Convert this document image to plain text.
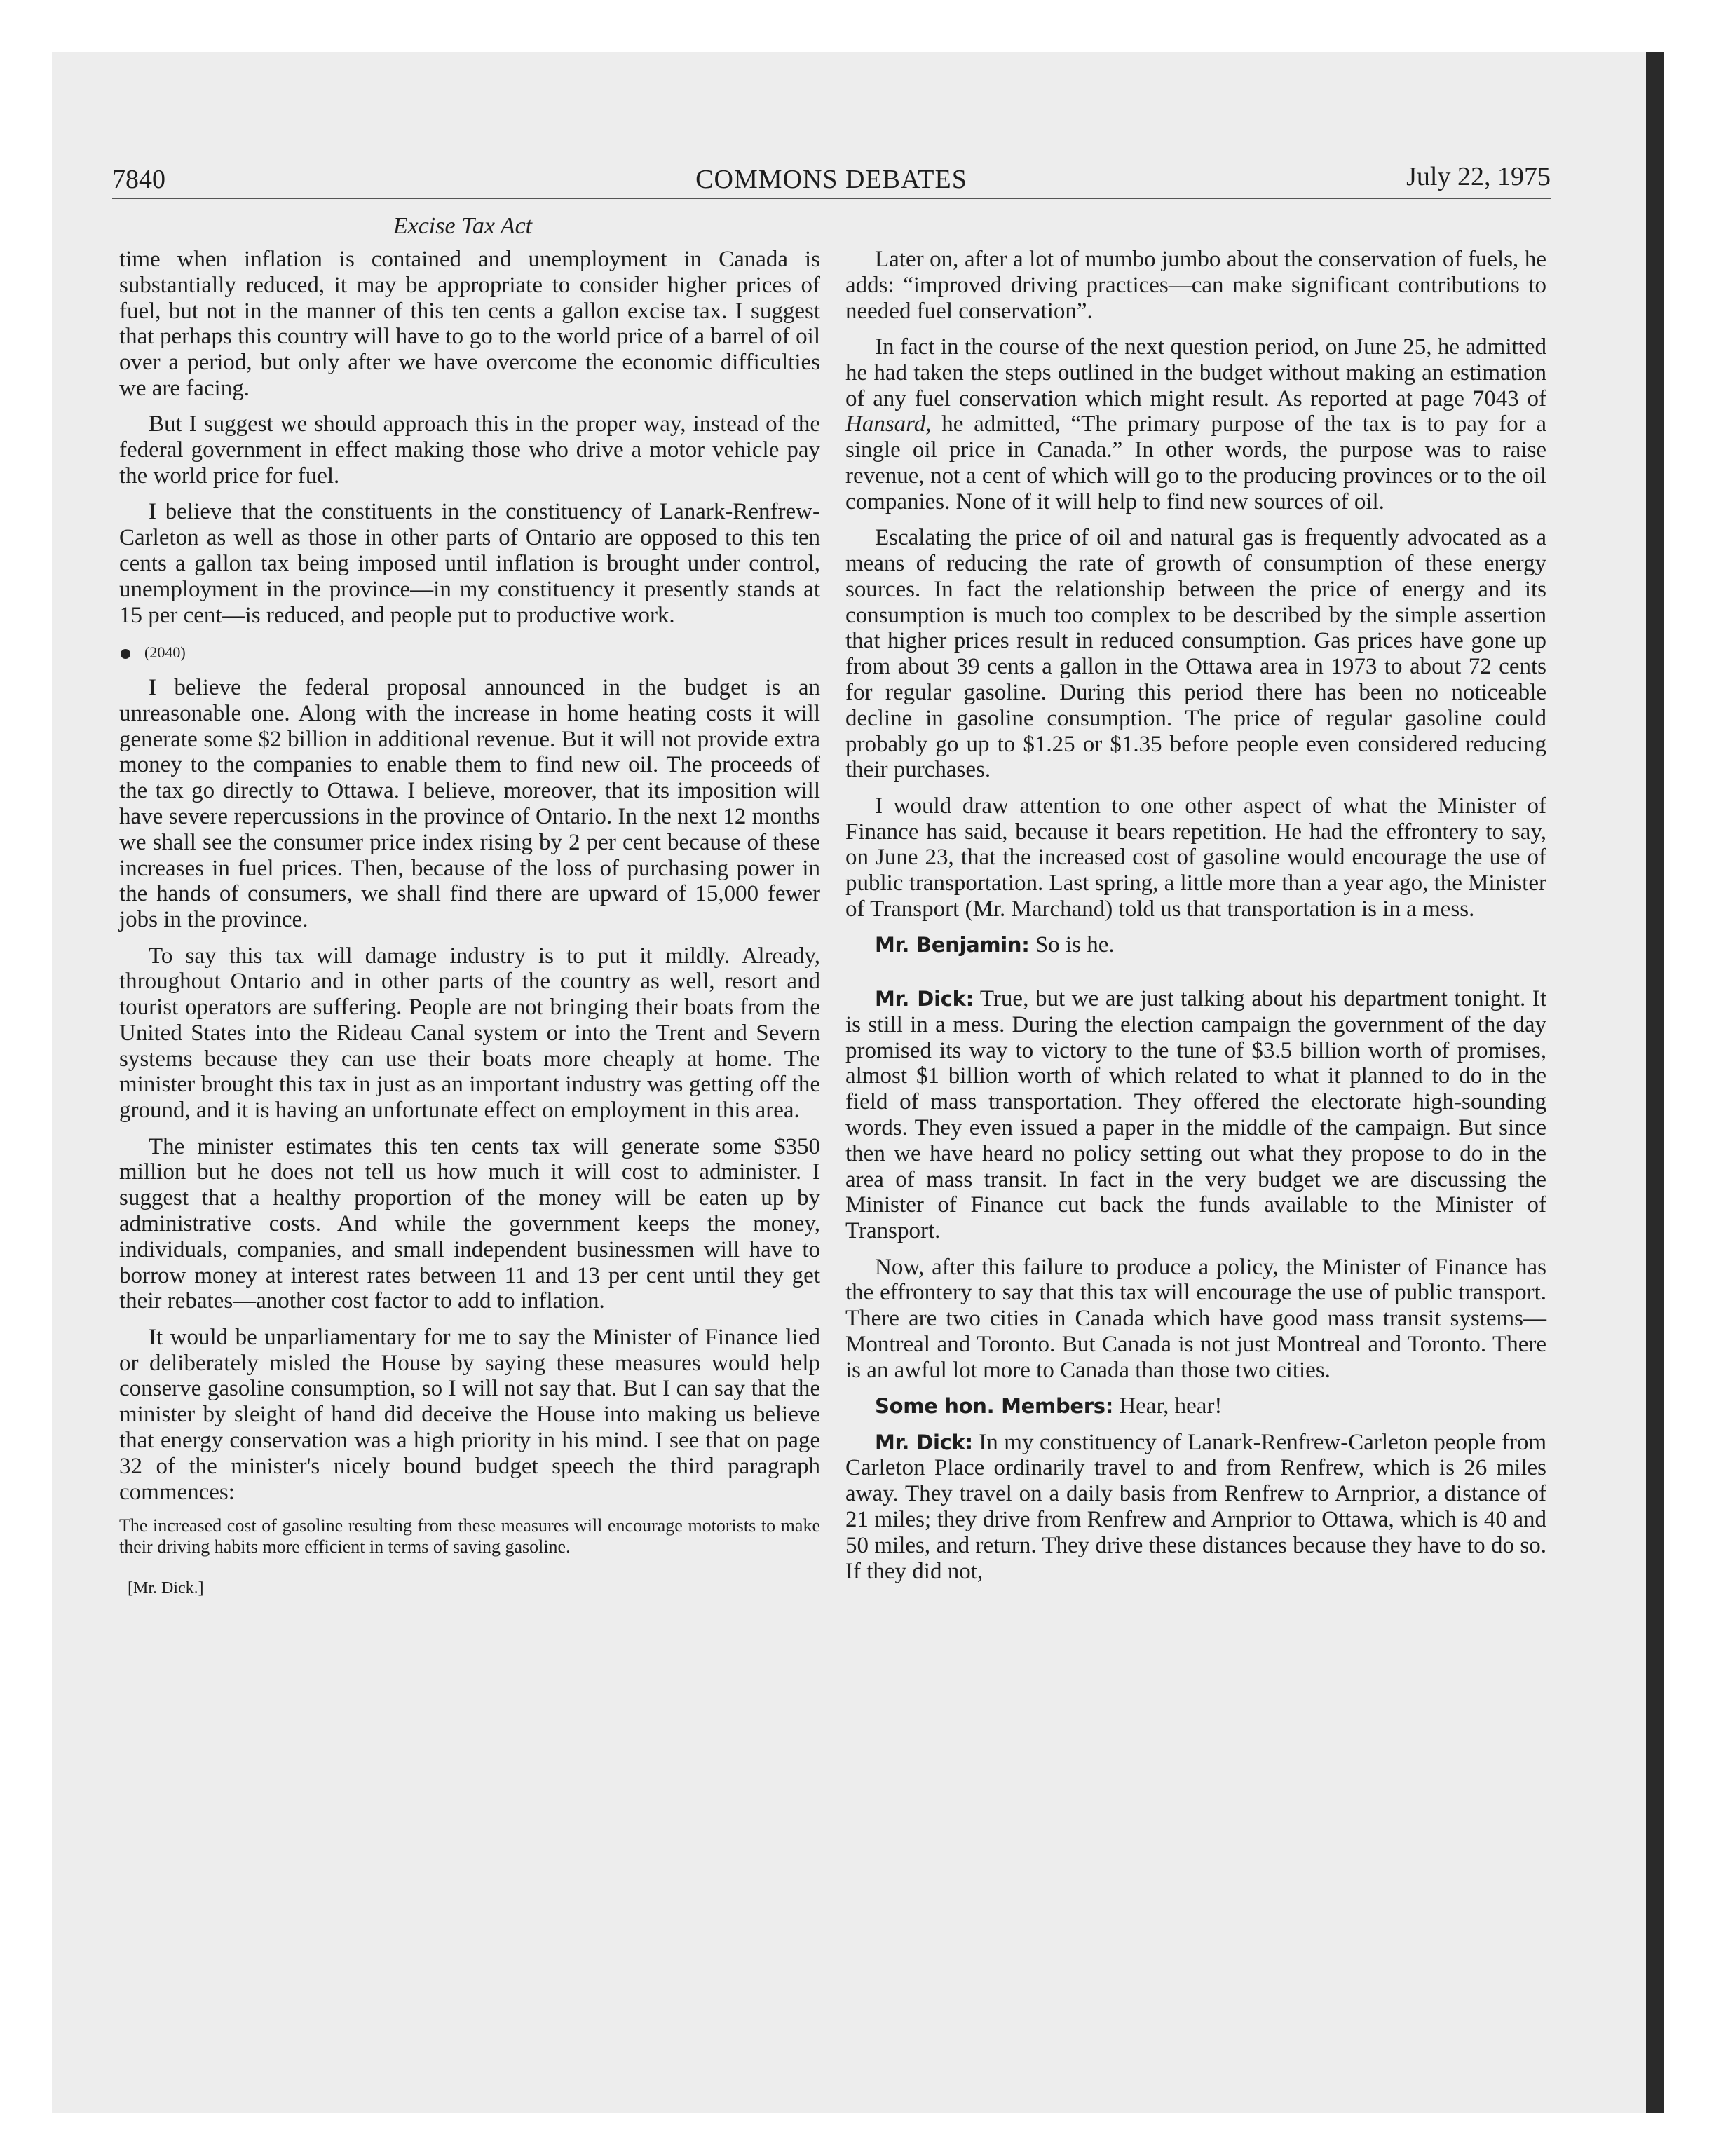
7840	COMMONS DEBATES	July 22, 1975
Excise Tax Act

time when inflation is contained and unemployment in Canada is substantially reduced, it may be appropriate to consider higher prices of fuel, but not in the manner of this ten cents a gallon excise tax. I suggest that perhaps this country will have to go to the world price of a barrel of oil over a period, but only after we have overcome the economic difficulties we are facing.

But I suggest we should approach this in the proper way, instead of the federal government in effect making those who drive a motor vehicle pay the world price for fuel.

I believe that the constituents in the constituency of Lanark-Renfrew-Carleton as well as those in other parts of Ontario are opposed to this ten cents a gallon tax being imposed until inflation is brought under control, unemployment in the province—in my constituency it presently stands at 15 per cent—is reduced, and people put to productive work.

(2040)

I believe the federal proposal announced in the budget is an unreasonable one. Along with the increase in home heating costs it will generate some $2 billion in additional revenue. But it will not provide extra money to the companies to enable them to find new oil. The proceeds of the tax go directly to Ottawa. I believe, moreover, that its imposition will have severe repercussions in the province of Ontario. In the next 12 months we shall see the consumer price index rising by 2 per cent because of these increases in fuel prices. Then, because of the loss of purchasing power in the hands of consumers, we shall find there are upward of 15,000 fewer jobs in the province.

To say this tax will damage industry is to put it mildly. Already, throughout Ontario and in other parts of the country as well, resort and tourist operators are suffering. People are not bringing their boats from the United States into the Rideau Canal system or into the Trent and Severn systems because they can use their boats more cheaply at home. The minister brought this tax in just as an important industry was getting off the ground, and it is having an unfortunate effect on employment in this area.

The minister estimates this ten cents tax will generate some $350 million but he does not tell us how much it will cost to administer. I suggest that a healthy proportion of the money will be eaten up by administrative costs. And while the government keeps the money, individuals, companies, and small independent businessmen will have to borrow money at interest rates between 11 and 13 per cent until they get their rebates—another cost factor to add to inflation.

It would be unparliamentary for me to say the Minister of Finance lied or deliberately misled the House by saying these measures would help conserve gasoline consumption, so I will not say that. But I can say that the minister by sleight of hand did deceive the House into making us believe that energy conservation was a high priority in his mind. I see that on page 32 of the minister's nicely bound budget speech the third paragraph commences:

The increased cost of gasoline resulting from these measures will encourage motorists to make their driving habits more efficient in terms of saving gasoline.
[Mr. Dick.]

Later on, after a lot of mumbo jumbo about the conservation of fuels, he adds: “improved driving practices—can make significant contributions to needed fuel conservation”.

In fact in the course of the next question period, on June 25, he admitted he had taken the steps outlined in the budget without making an estimation of any fuel conservation which might result. As reported at page 7043 of Hansard, he admitted, “The primary purpose of the tax is to pay for a single oil price in Canada.” In other words, the purpose was to raise revenue, not a cent of which will go to the producing provinces or to the oil companies. None of it will help to find new sources of oil.

Escalating the price of oil and natural gas is frequently advocated as a means of reducing the rate of growth of consumption of these energy sources. In fact the relationship between the price of energy and its consumption is much too complex to be described by the simple assertion that higher prices result in reduced consumption. Gas prices have gone up from about 39 cents a gallon in the Ottawa area in 1973 to about 72 cents for regular gasoline. During this period there has been no noticeable decline in gasoline consumption. The price of regular gasoline could probably go up to $1.25 or $1.35 before people even considered reducing their purchases.

I would draw attention to one other aspect of what the Minister of Finance has said, because it bears repetition. He had the effrontery to say, on June 23, that the increased cost of gasoline would encourage the use of public transportation. Last spring, a little more than a year ago, the Minister of Transport (Mr. Marchand) told us that transportation is in a mess.

Mr. Benjamin: So is he.

Mr. Dick: True, but we are just talking about his department tonight. It is still in a mess. During the election campaign the government of the day promised its way to victory to the tune of $3.5 billion worth of promises, almost $1 billion worth of which related to what it planned to do in the field of mass transportation. They offered the electorate high-sounding words. They even issued a paper in the middle of the campaign. But since then we have heard no policy setting out what they propose to do in the area of mass transit. In fact in the very budget we are discussing the Minister of Finance cut back the funds available to the Minister of Transport.

Now, after this failure to produce a policy, the Minister of Finance has the effrontery to say that this tax will encourage the use of public transport. There are two cities in Canada which have good mass transit systems—Montreal and Toronto. But Canada is not just Montreal and Toronto. There is an awful lot more to Canada than those two cities.

Some hon. Members: Hear, hear!

Mr. Dick: In my constituency of Lanark-Renfrew-Carleton people from Carleton Place ordinarily travel to and from Renfrew, which is 26 miles away. They travel on a daily basis from Renfrew to Arnprior, a distance of 21 miles; they drive from Renfrew and Arnprior to Ottawa, which is 40 and 50 miles, and return. They drive these distances because they have to do so. If they did not,
